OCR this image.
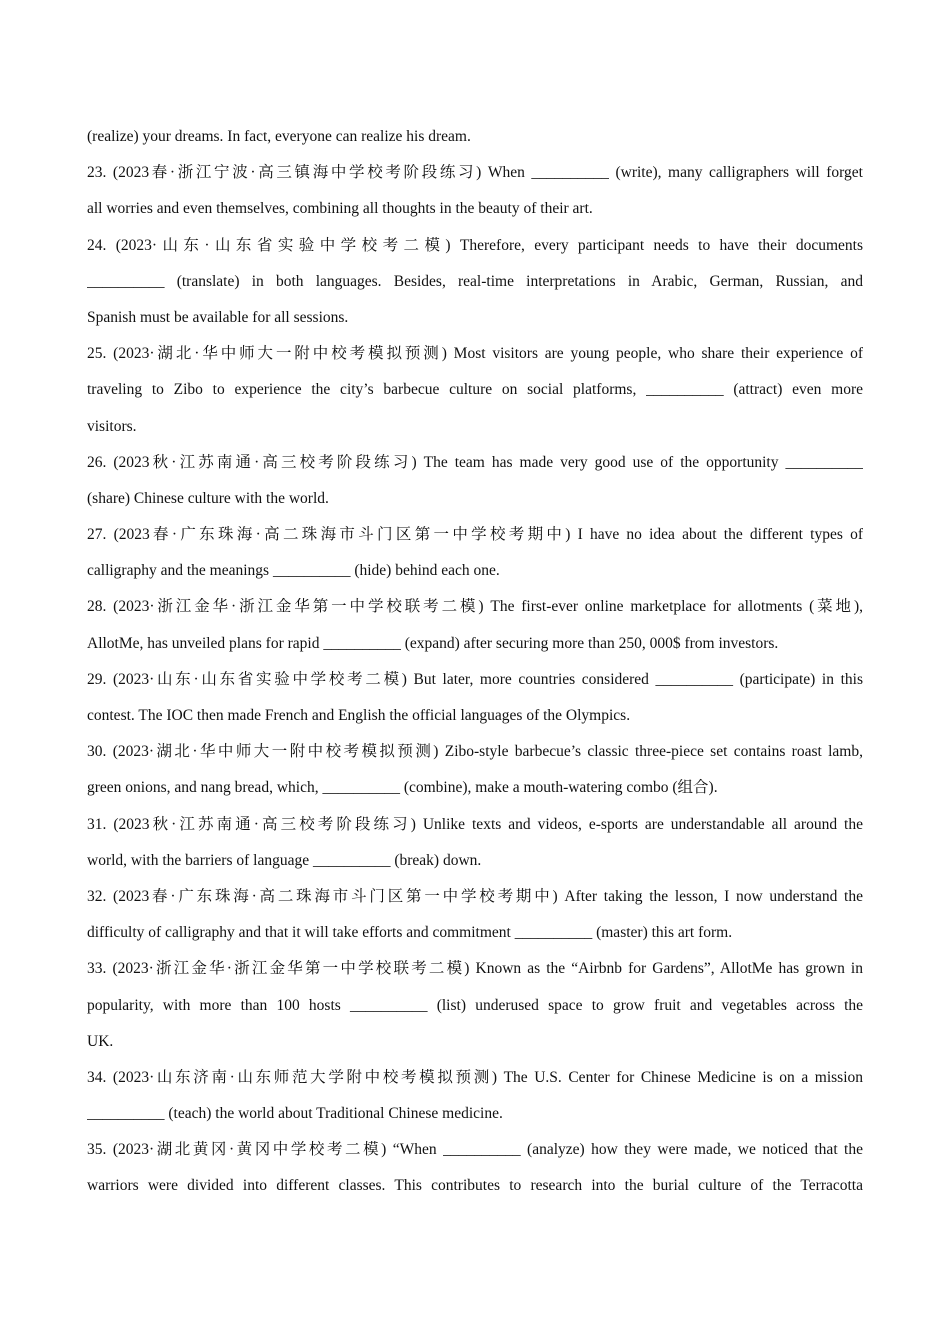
(realize) your dreams. In fact, everyone can realize his dream.
23. (2023春·浙江宁波·高三镇海中学校考阶段练习) When __________ (write), many calligraphers will forget
all worries and even themselves, combining all thoughts in the beauty of their art.
24. (2023·山东·山东省实验中学校考二模) Therefore, every participant needs to have their documents
__________ (translate) in both languages. Besides, real-time interpretations in Arabic, German, Russian, and
Spanish must be available for all sessions.
25. (2023·湖北·华中师大一附中校考模拟预测) Most visitors are young people, who share their experience of
traveling to Zibo to experience the city’s barbecue culture on social platforms, __________ (attract) even more
visitors.
26. (2023秋·江苏南通·高三校考阶段练习) The team has made very good use of the opportunity __________
(share) Chinese culture with the world.
27. (2023春·广东珠海·高二珠海市斗门区第一中学校考期中) I have no idea about the different types of
calligraphy and the meanings __________ (hide) behind each one.
28. (2023·浙江金华·浙江金华第一中学校联考二模) The first-ever online marketplace for allotments (菜地),
AllotMe, has unveiled plans for rapid __________ (expand) after securing more than 250, 000$ from investors.
29. (2023·山东·山东省实验中学校考二模) But later, more countries considered __________ (participate) in this
contest. The IOC then made French and English the official languages of the Olympics.
30. (2023·湖北·华中师大一附中校考模拟预测) Zibo-style barbecue’s classic three-piece set contains roast lamb,
green onions, and nang bread, which, __________ (combine), make a mouth-watering combo (组合).
31. (2023秋·江苏南通·高三校考阶段练习) Unlike texts and videos, e-sports are understandable all around the
world, with the barriers of language __________ (break) down.
32. (2023春·广东珠海·高二珠海市斗门区第一中学校考期中) After taking the lesson, I now understand the
difficulty of calligraphy and that it will take efforts and commitment __________ (master) this art form.
33. (2023·浙江金华·浙江金华第一中学校联考二模) Known as the “Airbnb for Gardens”, AllotMe has grown in
popularity, with more than 100 hosts __________ (list) underused space to grow fruit and vegetables across the
UK.
34. (2023·山东济南·山东师范大学附中校考模拟预测) The U.S. Center for Chinese Medicine is on a mission
__________ (teach) the world about Traditional Chinese medicine.
35. (2023·湖北黄冈·黄冈中学校考二模) “When __________ (analyze) how they were made, we noticed that the
warriors were divided into different classes. This contributes to research into the burial culture of the Terracotta
